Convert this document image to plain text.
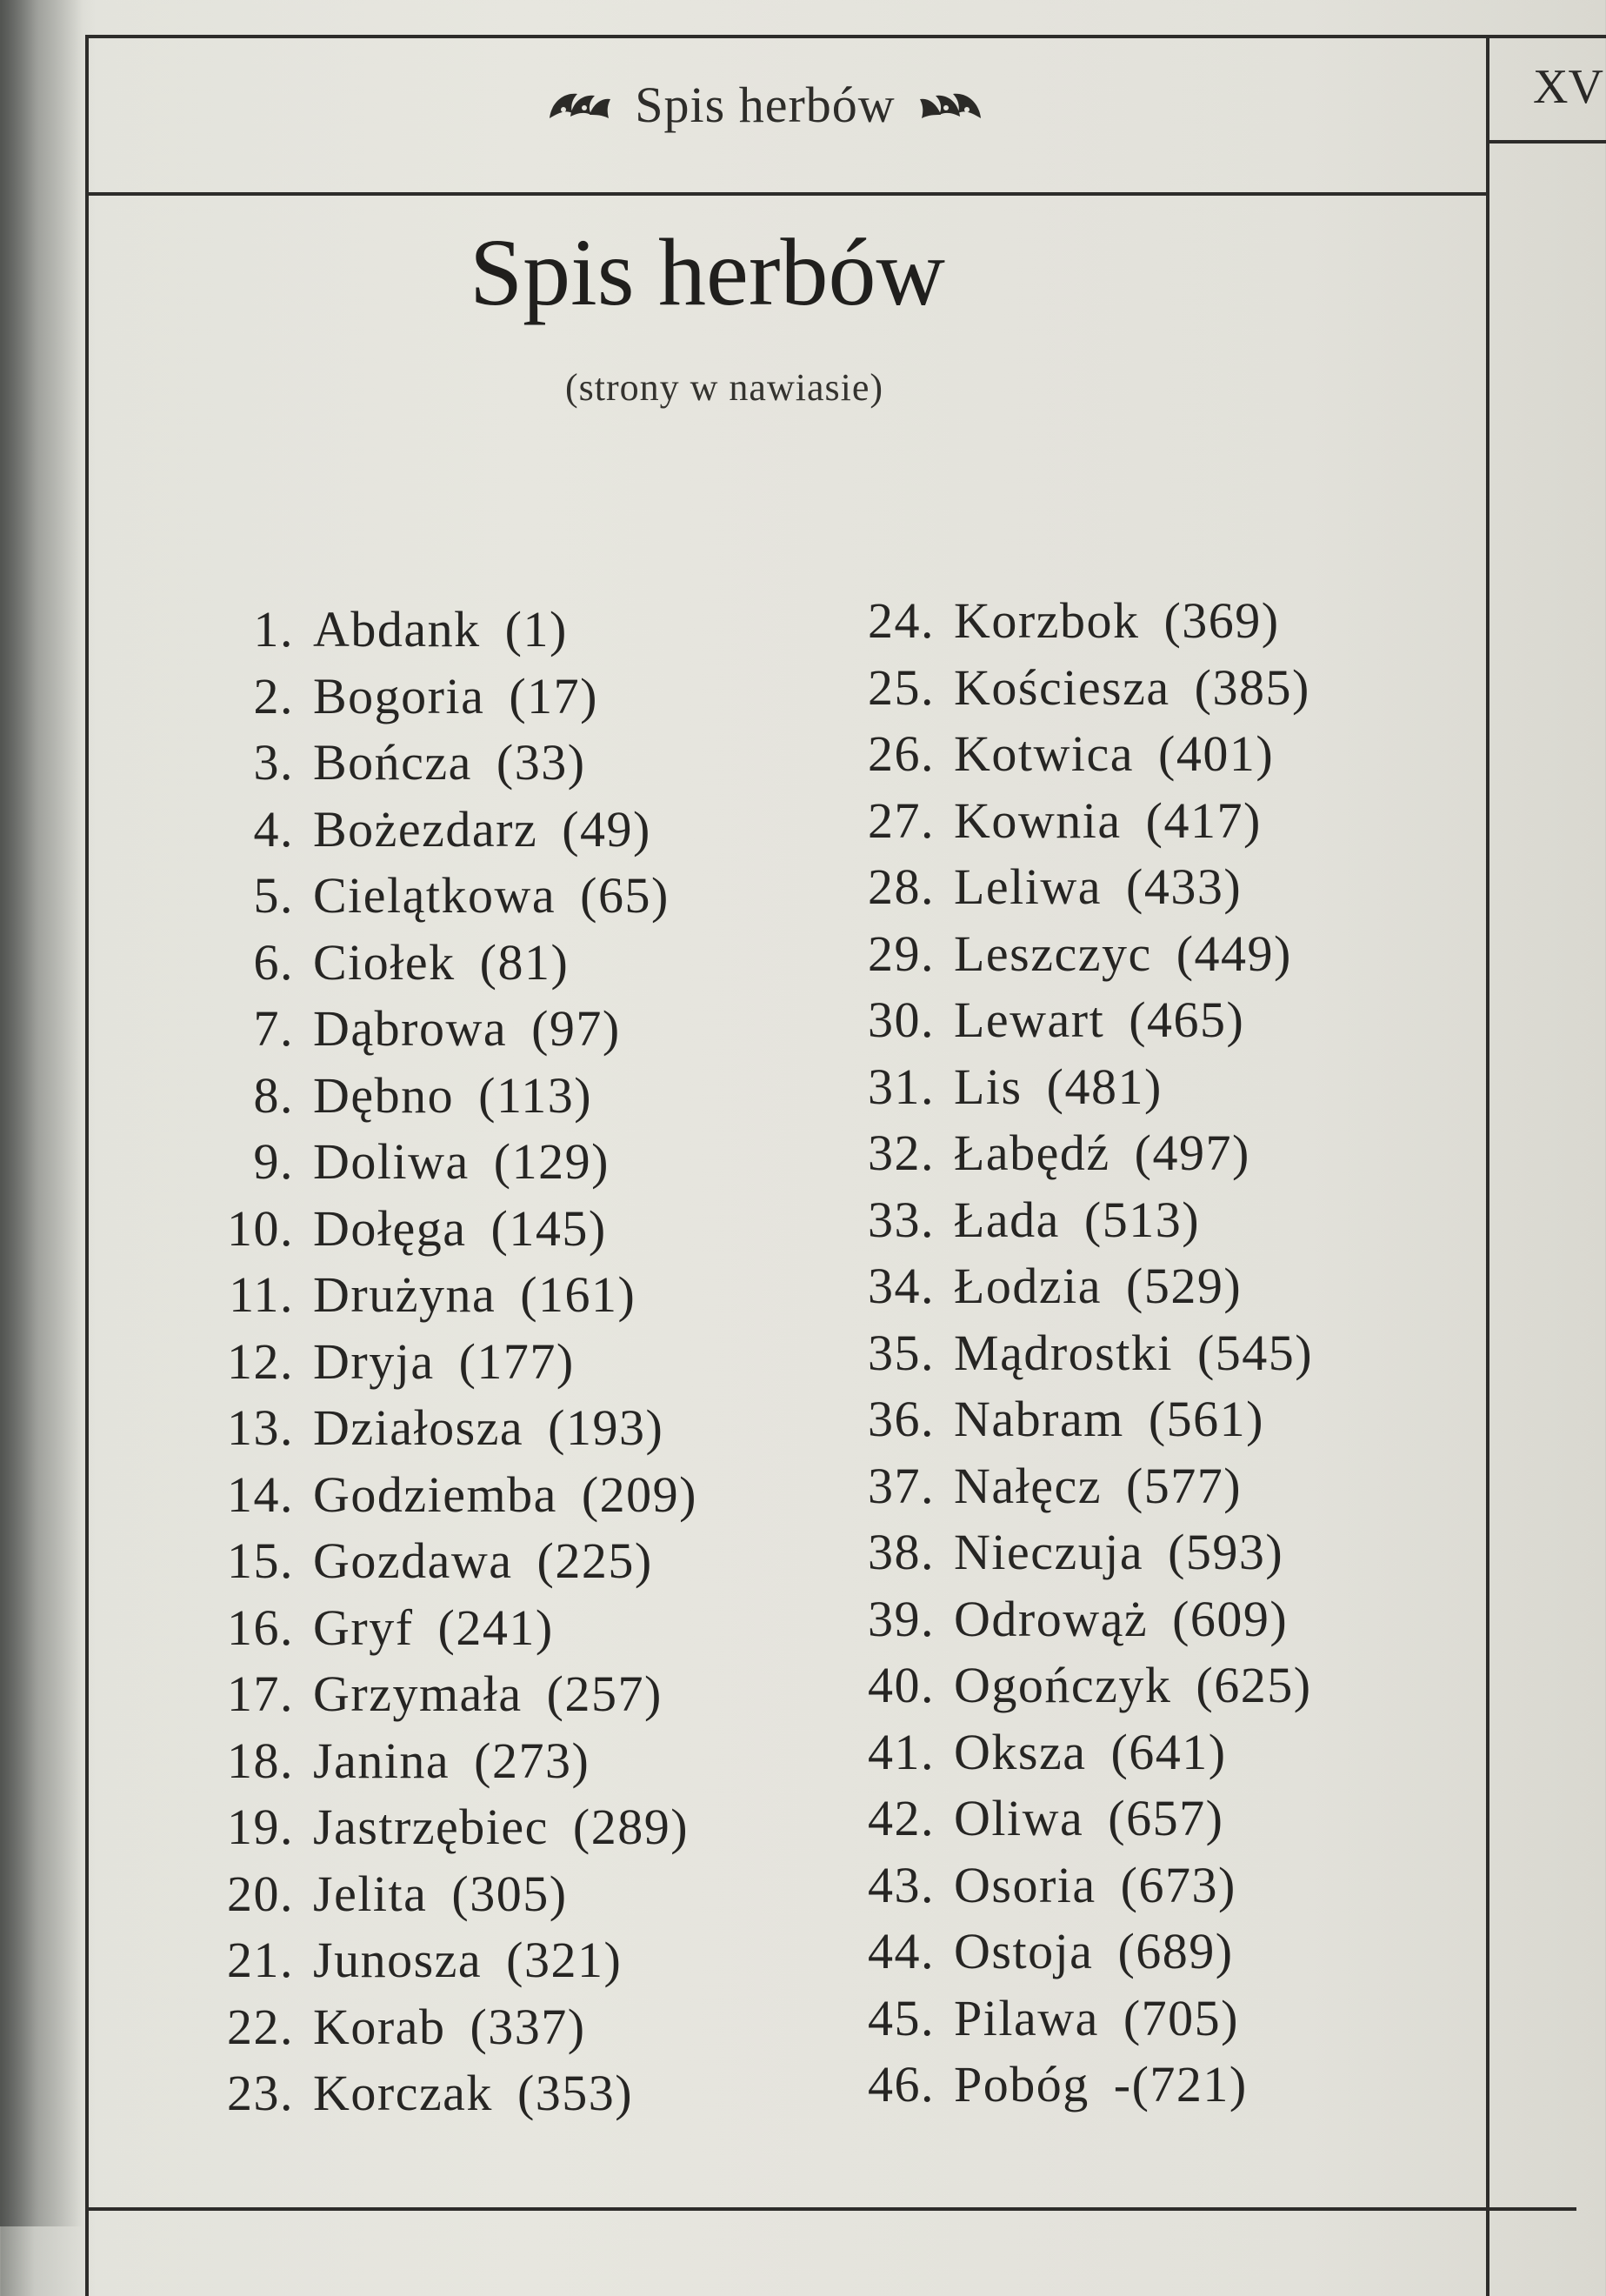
Spis herbów	XV
Spis herbów
(strony w nawiasie)
1. Abdank (1)
2. Bogoria (17)
3. Bończa (33)
4. Bożezdarz (49)
5. Cielątkowa (65)
6. Ciołek (81)
7. Dąbrowa (97)
8. Dębno (113)
9. Doliwa (129)
10. Dołęga (145)
11. Drużyna (161)
12. Dryja (177)
13. Działosza (193)
14. Godziemba (209)
15. Gozdawa (225)
16. Gryf (241)
17. Grzymała (257)
18. Janina (273)
19. Jastrzębiec (289)
20. Jelita (305)
21. Junosza (321)
22. Korab (337)
23. Korczak (353)
24. Korzbok (369)
25. Kościesza (385)
26. Kotwica (401)
27. Kownia (417)
28. Leliwa (433)
29. Leszczyc (449)
30. Lewart (465)
31. Lis (481)
32. Łabędź (497)
33. Łada (513)
34. Łodzia (529)
35. Mądrostki (545)
36. Nabram (561)
37. Nałęcz (577)
38. Nieczuja (593)
39. Odrowąż (609)
40. Ogończyk (625)
41. Oksza (641)
42. Oliwa (657)
43. Osoria (673)
44. Ostoja (689)
45. Pilawa (705)
46. Pobóg -(721)
